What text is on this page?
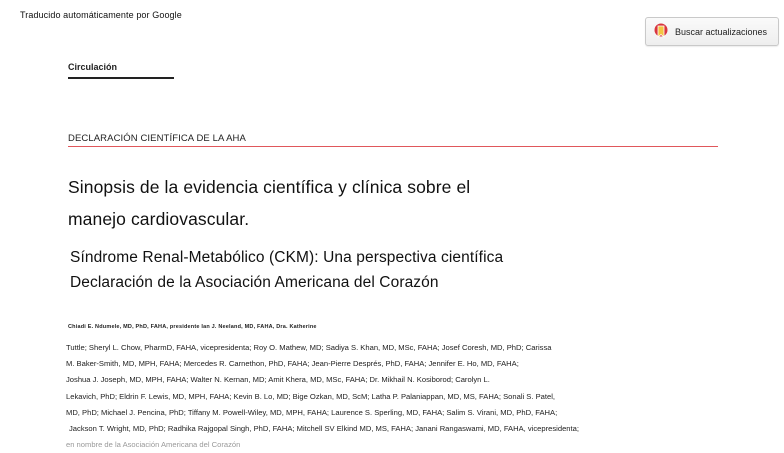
Traducido automáticamente por Google
Buscar actualizaciones
Circulación
DECLARACIÓN CIENTÍFICA DE LA AHA
Sinopsis de la evidencia científica y clínica sobre el
manejo cardiovascular.
Síndrome Renal-Metabólico (CKM): Una perspectiva científica
Declaración de la Asociación Americana del Corazón
Chiadi E. Ndumele, MD, PhD, FAHA, presidente Ian J. Neeland, MD, FAHA, Dra. Katherine
Tuttle; Sheryl L. Chow, PharmD, FAHA, vicepresidenta; Roy O. Mathew, MD; Sadiya S. Khan, MD, MSc, FAHA; Josef Coresh, MD, PhD; Carissa
M. Baker-Smith, MD, MPH, FAHA; Mercedes R. Carnethon, PhD, FAHA; Jean-Pierre Després, PhD, FAHA; Jennifer E. Ho, MD, FAHA;
Joshua J. Joseph, MD, MPH, FAHA; Walter N. Kernan, MD; Amit Khera, MD, MSc, FAHA; Dr. Mikhail N. Kosiborod; Carolyn L.
Lekavich, PhD; Eldrin F. Lewis, MD, MPH, FAHA; Kevin B. Lo, MD; Bige Ozkan, MD, ScM; Latha P. Palaniappan, MD, MS, FAHA; Sonali S. Patel,
MD, PhD; Michael J. Pencina, PhD; Tiffany M. Powell-Wiley, MD, MPH, FAHA; Laurence S. Sperling, MD, FAHA; Salim S. Virani, MD, PhD, FAHA;
Jackson T. Wright, MD, PhD; Radhika Rajgopal Singh, PhD, FAHA; Mitchell SV Elkind MD, MS, FAHA; Janani Rangaswami, MD, FAHA, vicepresidenta;
en nombre de la Asociación Americana del Corazón
